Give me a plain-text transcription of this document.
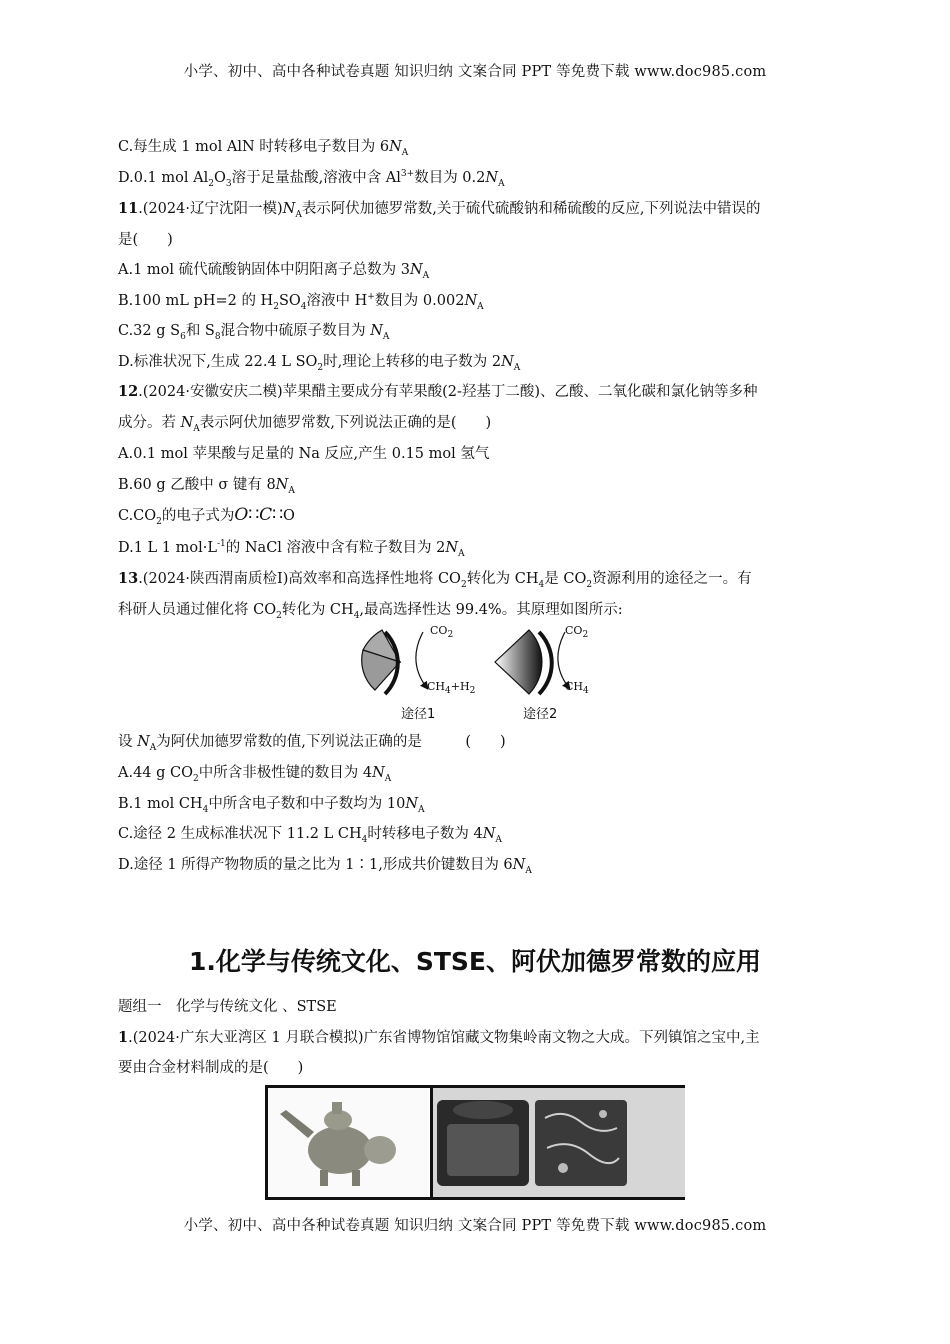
小学、初中、高中各种试卷真题 知识归纳 文案合同 PPT 等免费下载 www.doc985.com
C.每生成 1 mol AlN 时转移电子数目为 $6N_A$
D.0.1 mol $Al_2O_3$溶于足量盐酸,溶液中含 $Al^{3+}$数目为 $0.2N_A$
11.(2024·辽宁沈阳一模)$N_A$表示阿伏加德罗常数,关于硫代硫酸钠和稀硫酸的反应,下列说法中错误的
是(　　)
A.1 mol 硫代硫酸钠固体中阴阳离子总数为 $3N_A$
B.100 mL pH=2 的 $H_2SO_4$溶液中 H+数目为 $0.002N_A$
C.32 g $S_6$和 $S_8$混合物中硫原子数目为 $N_A$
D.标准状况下,生成 22.4 L $SO_2$时,理论上转移的电子数为 $2N_A$
12.(2024·安徽安庆二模)苹果醋主要成分有苹果酸(2-羟基丁二酸)、乙酸、二氧化碳和氯化钠等多种
成分。若 $N_A$表示阿伏加德罗常数,下列说法正确的是(　　)
A.0.1 mol 苹果酸与足量的 Na 反应,产生 0.15 mol 氢气
B.60 g 乙酸中 σ 键有 $8N_A$
$C.CO_2$的电子式为O∷C∷O
D.1 L 1 $mol\cdot L^{-1}$的 NaCl 溶液中含有粒子数目为 $2N_A$
13.(2024·陕西渭南质检Ⅰ)高效率和高选择性地将 $CO_2$转化为 $CH_4$是 $CO_2$资源利用的途径之一。有
科研人员通过催化将 $CO_2$转化为 $CH_4$,最高选择性达 99.4%。其原理如图所示:
$CO_2$
$CH_4+H_2$
$CO_2$
$CH_4$
途径1	途径2
设 $N_A$为阿伏加德罗常数的值,下列说法正确的是　　　(　　)
A.44 g $CO_2$中所含非极性键的数目为 $4N_A$
B.1 mol $CH_4$中所含电子数和中子数均为 $10N_A$
C.途径 2 生成标准状况下 11.2 L $CH_4$时转移电子数为 $4N_A$
D.途径 1 所得产物物质的量之比为 1∶1,形成共价键数目为 $6N_A$
1.化学与传统文化、STSE、阿伏加德罗常数的应用
题组一　化学与传统文化 、STSE
1.(2024·广东大亚湾区 1 月联合模拟)广东省博物馆馆藏文物集岭南文物之大成。下列镇馆之宝中,主
要由合金材料制成的是(　　)
小学、初中、高中各种试卷真题 知识归纳 文案合同 PPT 等免费下载 www.doc985.com
